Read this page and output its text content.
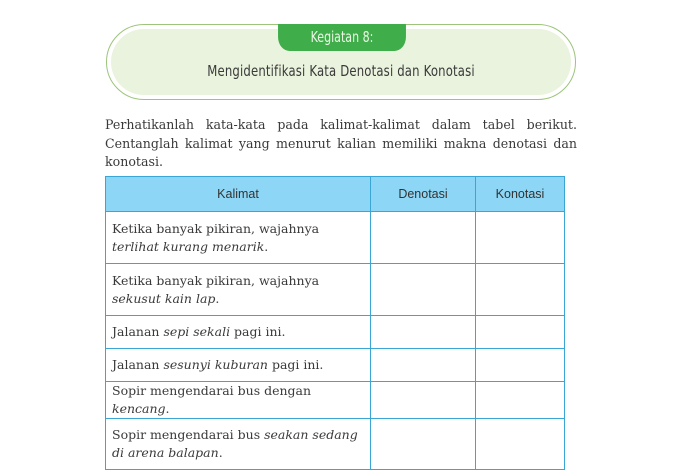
Kegiatan 8:
Mengidentifikasi Kata Denotasi dan Konotasi

Perhatikanlah kata-kata pada kalimat-kalimat dalam tabel berikut. Centanglah kalimat yang menurut kalian memiliki makna denotasi dan konotasi.

Kalimat	Denotasi	Konotasi
Ketika banyak pikiran, wajahnya terlihat kurang menarik.		
Ketika banyak pikiran, wajahnya sekusut kain lap.		
Jalanan sepi sekali pagi ini.		
Jalanan sesunyi kuburan pagi ini.		
Sopir mengendarai bus dengan kencang.		
Sopir mengendarai bus seakan sedang di arena balapan.		
